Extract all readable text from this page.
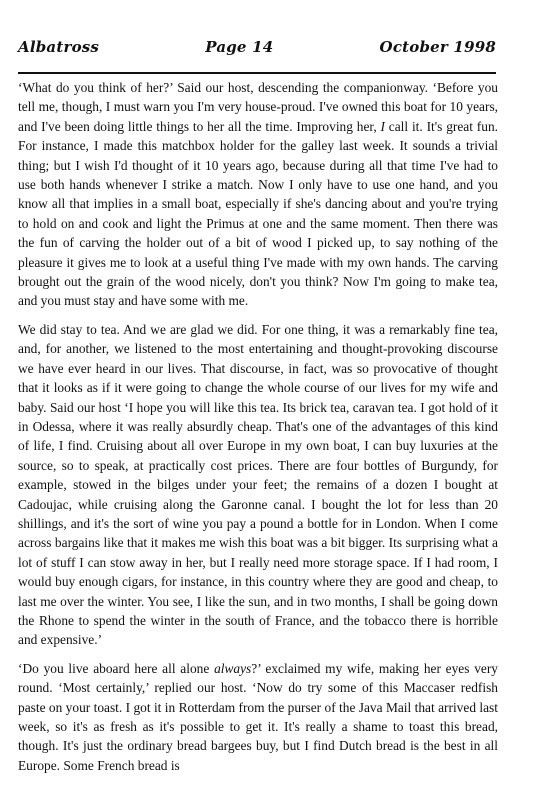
Albatross	Page 14	October 1998

‘What do you think of her?’ Said our host, descending the companionway. ‘Before you tell me, though, I must warn you I'm very house-proud. I've owned this boat for 10 years, and I've been doing little things to her all the time. Improving her, I call it. It's great fun. For instance, I made this matchbox holder for the galley last week. It sounds a trivial thing; but I wish I'd thought of it 10 years ago, because during all that time I've had to use both hands whenever I strike a match. Now I only have to use one hand, and you know all that implies in a small boat, especially if she's dancing about and you're trying to hold on and cook and light the Primus at one and the same moment. Then there was the fun of carving the holder out of a bit of wood I picked up, to say nothing of the pleasure it gives me to look at a useful thing I've made with my own hands. The carving brought out the grain of the wood nicely, don't you think? Now I'm going to make tea, and you must stay and have some with me.

We did stay to tea. And we are glad we did. For one thing, it was a remarkably fine tea, and, for another, we listened to the most entertaining and thought-provoking discourse we have ever heard in our lives. That discourse, in fact, was so provocative of thought that it looks as if it were going to change the whole course of our lives for my wife and baby. Said our host ‘I hope you will like this tea. Its brick tea, caravan tea. I got hold of it in Odessa, where it was really absurdly cheap. That's one of the advantages of this kind of life, I find. Cruising about all over Europe in my own boat, I can buy luxuries at the source, so to speak, at practically cost prices. There are four bottles of Burgundy, for example, stowed in the bilges under your feet; the remains of a dozen I bought at Cadoujac, while cruising along the Garonne canal. I bought the lot for less than 20 shillings, and it's the sort of wine you pay a pound a bottle for in London. When I come across bargains like that it makes me wish this boat was a bit bigger. Its surprising what a lot of stuff I can stow away in her, but I really need more storage space. If I had room, I would buy enough cigars, for instance, in this country where they are good and cheap, to last me over the winter. You see, I like the sun, and in two months, I shall be going down the Rhone to spend the winter in the south of France, and the tobacco there is horrible and expensive.’

‘Do you live aboard here all alone always?’ exclaimed my wife, making her eyes very round. ‘Most certainly,’ replied our host. ‘Now do try some of this Maccaser redfish paste on your toast. I got it in Rotterdam from the purser of the Java Mail that arrived last week, so it's as fresh as it's possible to get it. It's really a shame to toast this bread, though. It's just the ordinary bread bargees buy, but I find Dutch bread is the best in all Europe. Some French bread is
